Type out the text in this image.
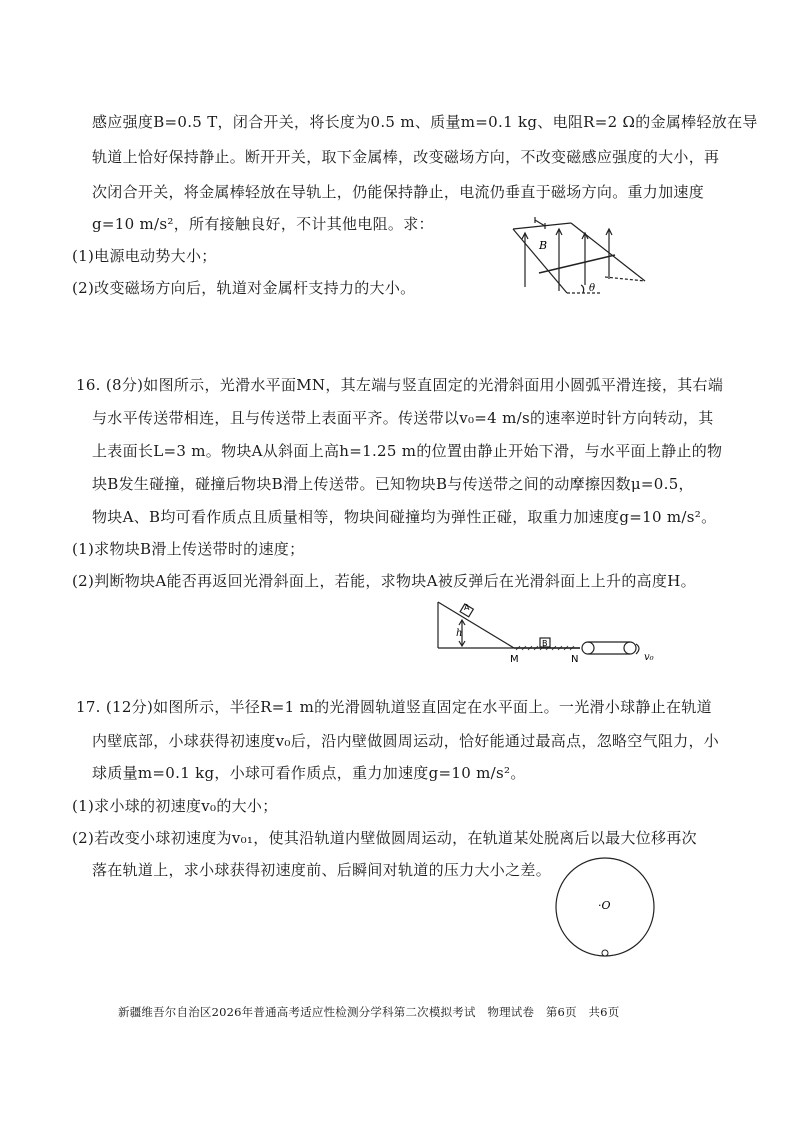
感应强度B=0.5 T，闭合开关，将长度为0.5 m、质量m=0.1 kg、电阻R=2 Ω的金属棒轻放在导
轨道上恰好保持静止。断开开关，取下金属棒，改变磁场方向，不改变磁感应强度的大小，再
次闭合开关，将金属棒轻放在导轨上，仍能保持静止，电流仍垂直于磁场方向。重力加速度
g=10 m/s²，所有接触良好，不计其他电阻。求：
(1)电源电动势大小；
(2)改变磁场方向后，轨道对金属杆支持力的大小。
B
θ
16. (8分)如图所示，光滑水平面MN，其左端与竖直固定的光滑斜面用小圆弧平滑连接，其右端
与水平传送带相连，且与传送带上表面平齐。传送带以v₀=4 m/s的速率逆时针方向转动，其
上表面长L=3 m。物块A从斜面上高h=1.25 m的位置由静止开始下滑，与水平面上静止的物
块B发生碰撞，碰撞后物块B滑上传送带。已知物块B与传送带之间的动摩擦因数μ=0.5，
物块A、B均可看作质点且质量相等，物块间碰撞均为弹性正碰，取重力加速度g=10 m/s²。
(1)求物块B滑上传送带时的速度；
(2)判断物块A能否再返回光滑斜面上，若能，求物块A被反弹后在光滑斜面上上升的高度H。
A
h
B
M	N	v₀
17. (12分)如图所示，半径R=1 m的光滑圆轨道竖直固定在水平面上。一光滑小球静止在轨道
内壁底部，小球获得初速度v₀后，沿内壁做圆周运动，恰好能通过最高点，忽略空气阻力，小
球质量m=0.1 kg，小球可看作质点，重力加速度g=10 m/s²。
(1)求小球的初速度v₀的大小；
(2)若改变小球初速度为v₀₁，使其沿轨道内壁做圆周运动，在轨道某处脱离后以最大位移再次
落在轨道上，求小球获得初速度前、后瞬间对轨道的压力大小之差。
·O
新疆维吾尔自治区2026年普通高考适应性检测分学科第二次模拟考试　物理试卷　第6页　共6页
